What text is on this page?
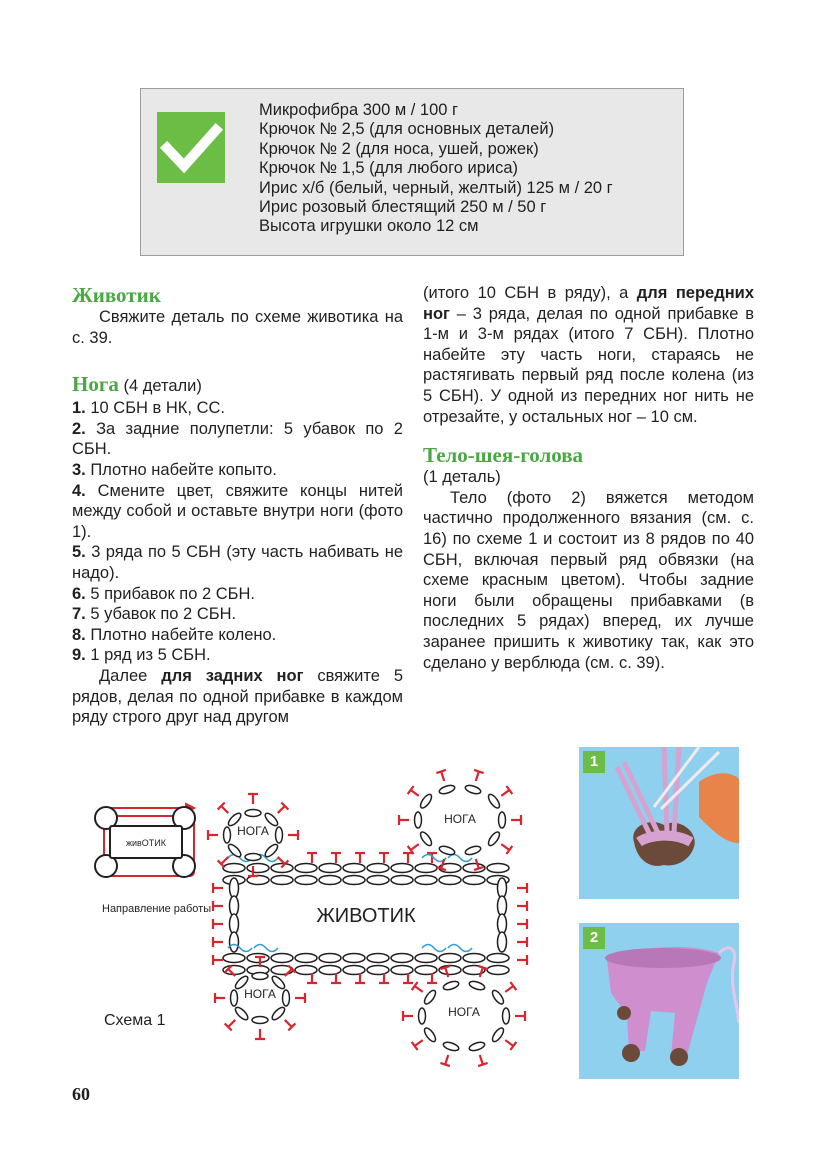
Микрофибра 300 м / 100 г
Крючок № 2,5 (для основных деталей)
Крючок № 2 (для носа, ушей, рожек)
Крючок № 1,5 (для любого ириса)
Ирис х/б (белый, черный, желтый) 125 м / 20 г
Ирис розовый блестящий 250 м / 50 г
Высота игрушки около 12 см
Животик

Свяжите деталь по схеме животика на с. 39.

Нога (4 детали)

1. 10 СБН в НК, СС.

2. За задние полупетли: 5 убавок по 2 СБН.

3. Плотно набейте копыто.

4. Смените цвет, свяжите концы нитей между собой и оставьте внутри ноги (фото 1).

5. 3 ряда по 5 СБН (эту часть набивать не надо).

6. 5 прибавок по 2 СБН.

7. 5 убавок по 2 СБН.

8. Плотно набейте колено.

9. 1 ряд из 5 СБН.

Далее для задних ног свяжите 5 рядов, делая по одной прибавке в каждом ряду строго друг над другом

(итого 10 СБН в ряду), а для передних ног – 3 ряда, делая по одной прибавке в 1-м и 3-м рядах (итого 7 СБН). Плотно набейте эту часть ноги, стараясь не растягивать первый ряд после колена (из 5 СБН). У одной из передних ног нить не отрезайте, у остальных ног – 10 см.

Тело-шея-голова

(1 деталь)

Тело (фото 2) вяжется методом частично продолженного вязания (см. с. 16) по схеме 1 и состоит из 8 рядов по 40 СБН, включая первый ряд обвязки (на схеме красным цветом). Чтобы задние ноги были обращены прибавками (в последних 5 рядах) вперед, их лучше заранее пришить к животику так, как это сделано у верблюда (см. с. 39).

живОТИК
Направление работы	ЖИВОТИК
НОГА
НОГА
НОГА
НОГА
Схема 1
1
2
60
